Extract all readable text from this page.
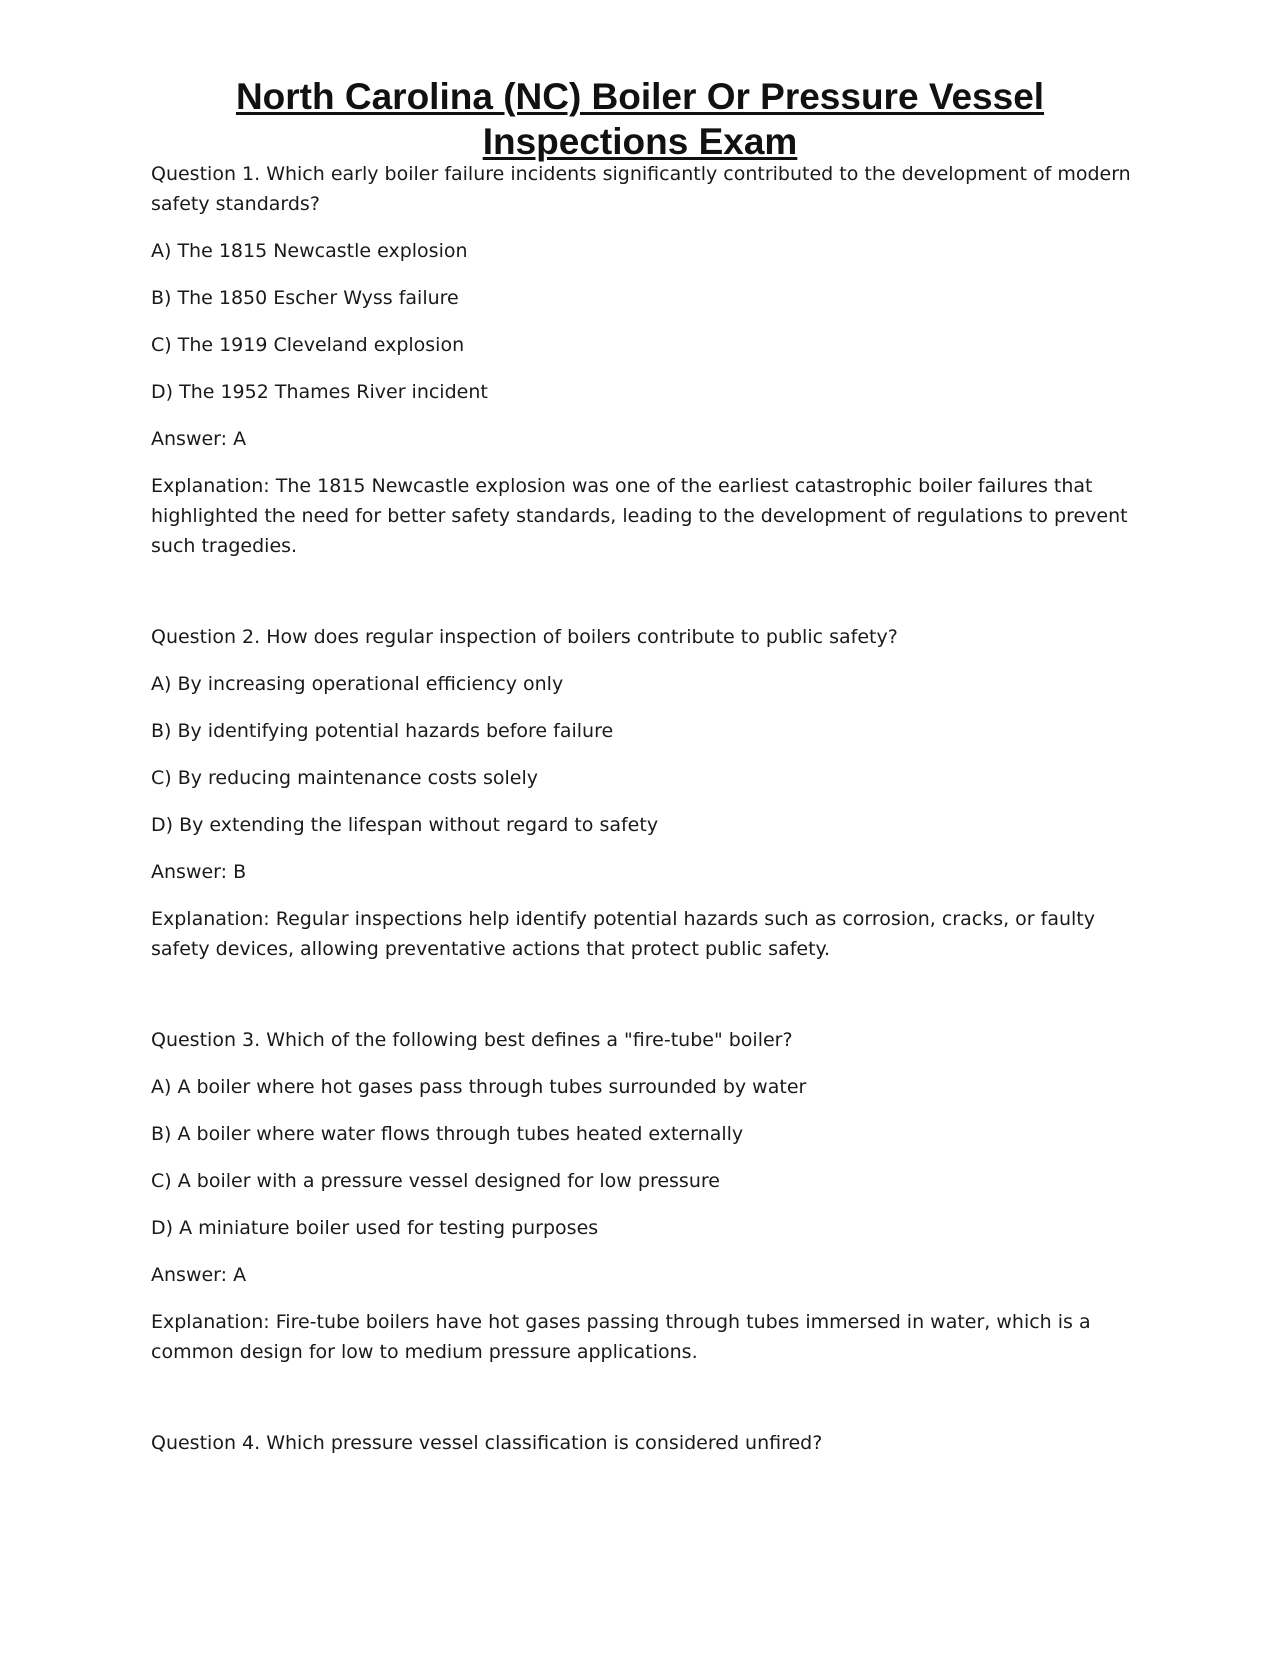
North Carolina (NC) Boiler Or Pressure Vessel
Inspections Exam

Question 1. Which early boiler failure incidents significantly contributed to the development of modern safety standards?

A) The 1815 Newcastle explosion

B) The 1850 Escher Wyss failure

C) The 1919 Cleveland explosion

D) The 1952 Thames River incident

Answer: A

Explanation: The 1815 Newcastle explosion was one of the earliest catastrophic boiler failures that highlighted the need for better safety standards, leading to the development of regulations to prevent such tragedies.

Question 2. How does regular inspection of boilers contribute to public safety?

A) By increasing operational efficiency only

B) By identifying potential hazards before failure

C) By reducing maintenance costs solely

D) By extending the lifespan without regard to safety

Answer: B

Explanation: Regular inspections help identify potential hazards such as corrosion, cracks, or faulty safety devices, allowing preventative actions that protect public safety.

Question 3. Which of the following best defines a "fire-tube" boiler?

A) A boiler where hot gases pass through tubes surrounded by water

B) A boiler where water flows through tubes heated externally

C) A boiler with a pressure vessel designed for low pressure

D) A miniature boiler used for testing purposes

Answer: A

Explanation: Fire-tube boilers have hot gases passing through tubes immersed in water, which is a common design for low to medium pressure applications.

Question 4. Which pressure vessel classification is considered unfired?
